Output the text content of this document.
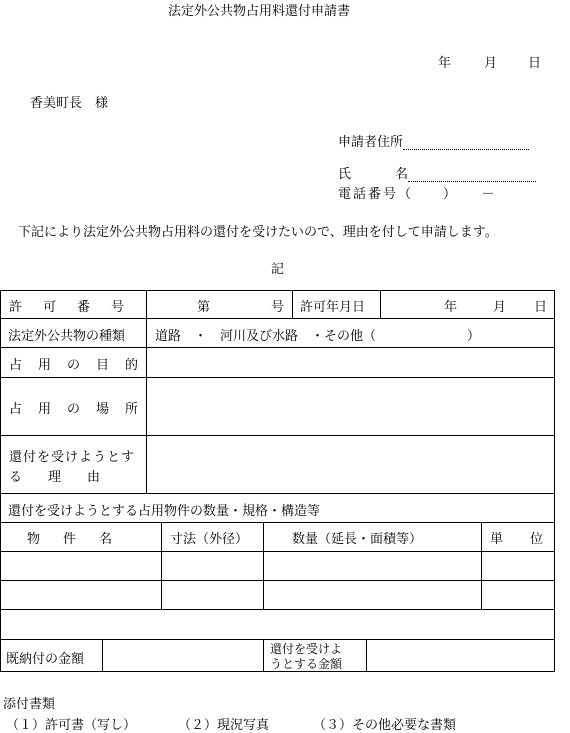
法定外公共物占用料還付申請書
年	月 日
香美町長　様
申請者住所
氏	名
電話番号（　　）　　－
下記により法定外公共物占用料の還付を受けたいので、理由を付して申請します。
記
許可番号	第	号 許可年月日	年	月 日
法定外公共物の種類 道路　・　河川及び水路　・その他（　　　　　　　）
占用の目的
占用の場所
還付を受けようとす
る　　理　　由
還付を受けようとする占用物件の数量・規格・構造等
物件名	寸法（外径）	数量（延長・面積等）	単位
既納付の金額
還付を受けよ
うとする金額
添付書類
（１）許可書（写し）	（２）現況写真	（３）その他必要な書類
